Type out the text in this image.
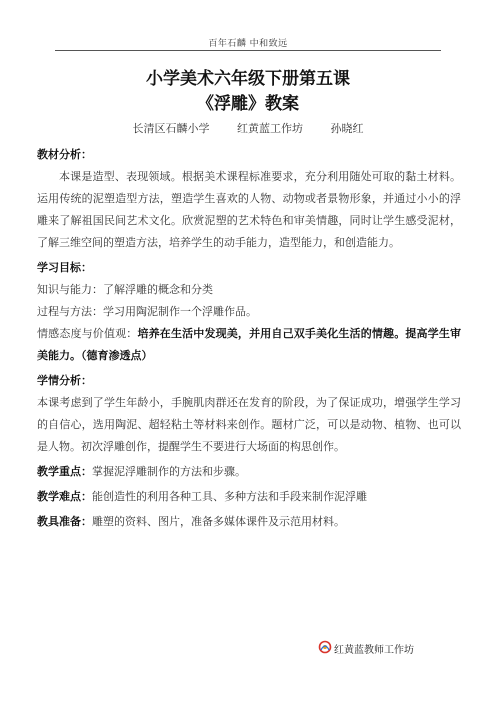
百年石麟 中和致远
小学美术六年级下册第五课
《浮雕》教案
长清区石麟小学	红黄蓝工作坊	孙晓红
教材分析：
本课是造型、表现领域。根据美术课程标准要求，充分利用随处可取的黏土材料。运用传统的泥塑造型方法，塑造学生喜欢的人物、动物或者景物形象，并通过小小的浮雕来了解祖国民间艺术文化。欣赏泥塑的艺术特色和审美情趣，同时让学生感受泥材，了解三维空间的塑造方法，培养学生的动手能力，造型能力，和创造能力。
学习目标：
知识与能力：了解浮雕的概念和分类
过程与方法：学习用陶泥制作一个浮雕作品。
情感态度与价值观：培养在生活中发现美，并用自己双手美化生活的情趣。提高学生审美能力。（德育渗透点）
学情分析：
本课考虑到了学生年龄小，手腕肌肉群还在发育的阶段，为了保证成功，增强学生学习的自信心，选用陶泥、超轻粘土等材料来创作。题材广泛，可以是动物、植物、也可以是人物。初次浮雕创作，提醒学生不要进行大场面的构思创作。
教学重点：掌握泥浮雕制作的方法和步骤。
教学难点：能创造性的利用各种工具、多种方法和手段来制作泥浮雕
教具准备：雕塑的资料、图片，准备多媒体课件及示范用材料。
红黄蓝教师工作坊
